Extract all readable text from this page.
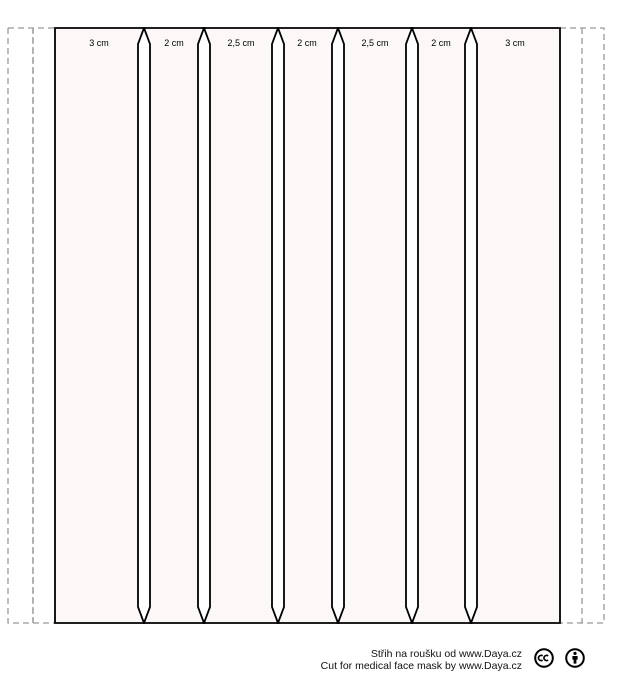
3 cm	2 cm	2,5 cm	2 cm	2,5 cm	2 cm	3 cm
Střih na roušku od www.Daya.cz
Cut for medical face mask by www.Daya.cz
